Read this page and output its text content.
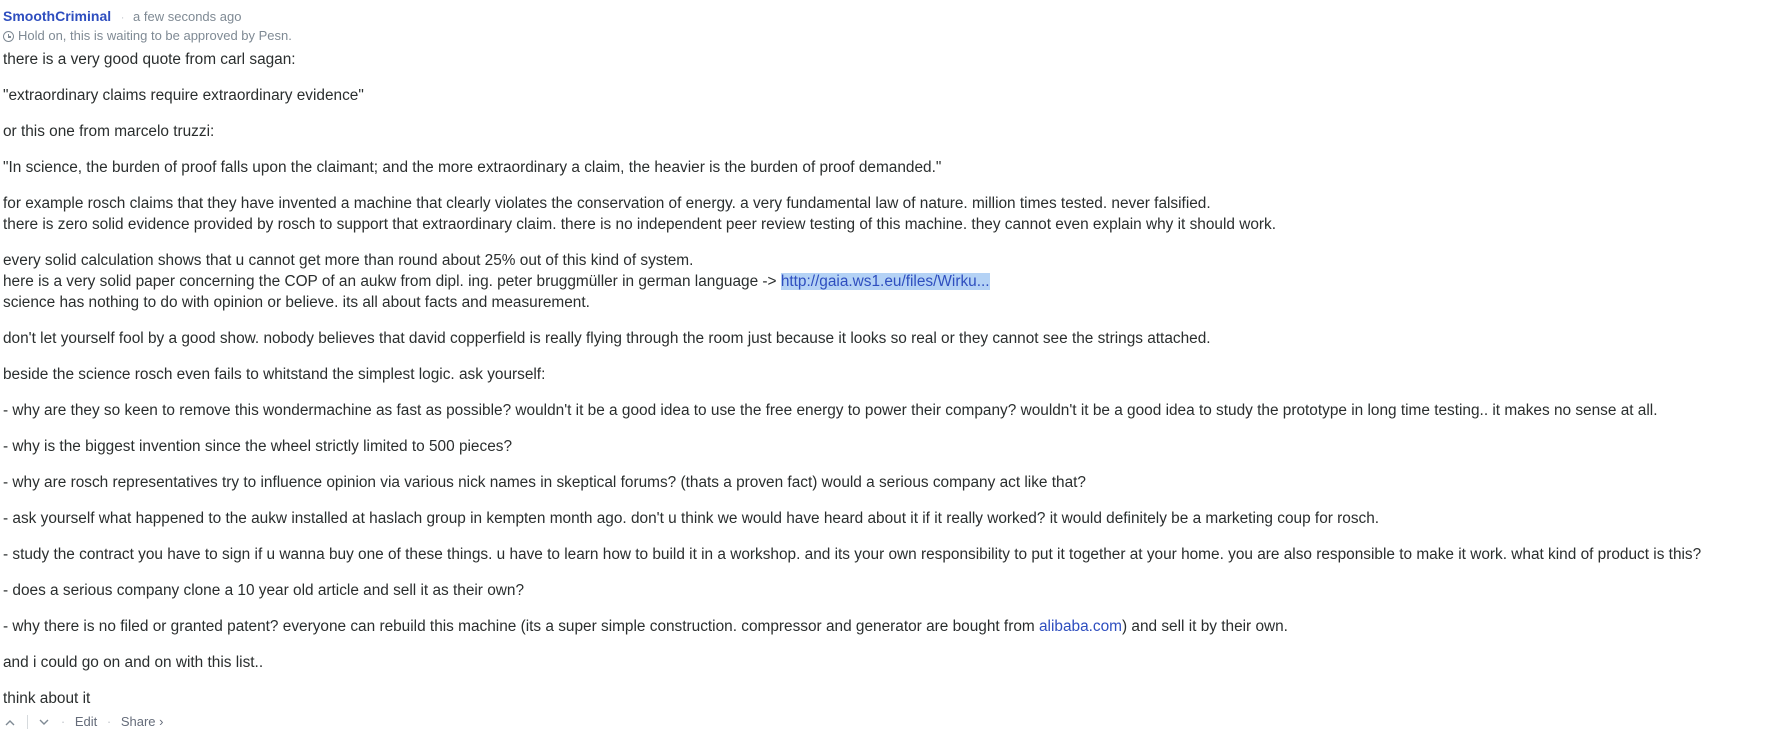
SmoothCriminal · a few seconds ago
Hold on, this is waiting to be approved by Pesn.

there is a very good quote from carl sagan:

"extraordinary claims require extraordinary evidence"

or this one from marcelo truzzi:

"In science, the burden of proof falls upon the claimant; and the more extraordinary a claim, the heavier is the burden of proof demanded."

for example rosch claims that they have invented a machine that clearly violates the conservation of energy. a very fundamental law of nature. million times tested. never falsified.
there is zero solid evidence provided by rosch to support that extraordinary claim. there is no independent peer review testing of this machine. they cannot even explain why it should work.

every solid calculation shows that u cannot get more than round about 25% out of this kind of system.
here is a very solid paper concerning the COP of an aukw from dipl. ing. peter bruggmüller in german language -> http://gaia.ws1.eu/files/Wirku...
science has nothing to do with opinion or believe. its all about facts and measurement.

don't let yourself fool by a good show. nobody believes that david copperfield is really flying through the room just because it looks so real or they cannot see the strings attached.

beside the science rosch even fails to whitstand the simplest logic. ask yourself:

- why are they so keen to remove this wondermachine as fast as possible? wouldn't it be a good idea to use the free energy to power their company? wouldn't it be a good idea to study the prototype in long time testing.. it makes no sense at all.

- why is the biggest invention since the wheel strictly limited to 500 pieces?

- why are rosch representatives try to influence opinion via various nick names in skeptical forums? (thats a proven fact) would a serious company act like that?

- ask yourself what happened to the aukw installed at haslach group in kempten month ago. don't u think we would have heard about it if it really worked? it would definitely be a marketing coup for rosch.

- study the contract you have to sign if u wanna buy one of these things. u have to learn how to build it in a workshop. and its your own responsibility to put it together at your home. you are also responsible to make it work. what kind of product is this?

- does a serious company clone a 10 year old article and sell it as their own?

- why there is no filed or granted patent? everyone can rebuild this machine (its a super simple construction. compressor and generator are bought from alibaba.com) and sell it by their own.

and i could go on and on with this list..

think about it

· Edit · Share ›
